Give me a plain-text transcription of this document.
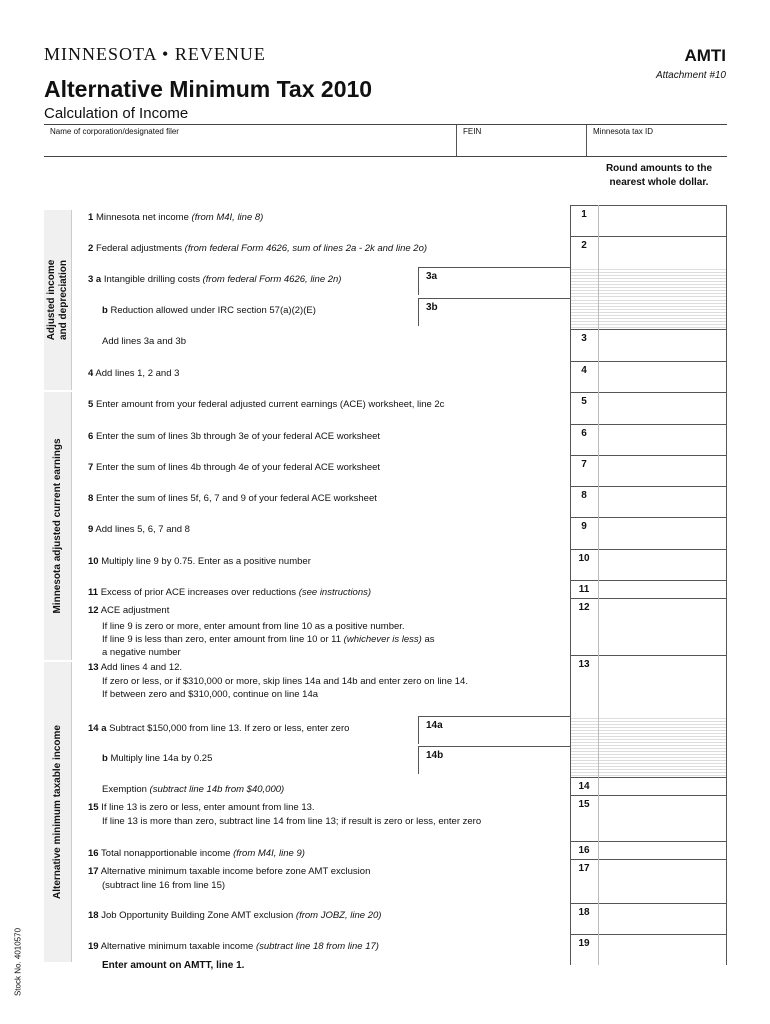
MINNESOTA • REVENUE	AMTI
Attachment #10
Alternative Minimum Tax 2010
Calculation of Income
Name of corporation/designated filer	FEIN	Minnesota tax ID
Round amounts to the
nearest whole dollar.
Adjusted income and depreciation
Minnesota adjusted current earnings
Alternative minimum taxable income
Stock No. 4010570
1 Minnesota net income (from M4I, line 8)	1
2 Federal adjustments (from federal Form 4626, sum of lines 2a - 2k and line 2o)	2
3 a Intangible drilling costs (from federal Form 4626, line 2n)	3a
b Reduction allowed under IRC section 57(a)(2)(E)	3b
Add lines 3a and 3b	3
4 Add lines 1, 2 and 3	4
5 Enter amount from your federal adjusted current earnings (ACE) worksheet, line 2c	5
6 Enter the sum of lines 3b through 3e of your federal ACE worksheet	6
7 Enter the sum of lines 4b through 4e of your federal ACE worksheet	7
8 Enter the sum of lines 5f, 6, 7 and 9 of your federal ACE worksheet	8
9 Add lines 5, 6, 7 and 8	9
10 Multiply line 9 by 0.75. Enter as a positive number	10
11 Excess of prior ACE increases over reductions (see instructions)	11
12 ACE adjustment	12
13 Add lines 4 and 12.	13
14 a Subtract $150,000 from line 13. If zero or less, enter zero	14a
b Multiply line 14a by 0.25	14b
Exemption (subtract line 14b from $40,000)	14
15 If line 13 is zero or less, enter amount from line 13.	15
16 Total nonapportionable income (from M4I, line 9)	16
17 Alternative minimum taxable income before zone AMT exclusion	17
18 Job Opportunity Building Zone AMT exclusion (from JOBZ, line 20)	18
19 Alternative minimum taxable income (subtract line 18 from line 17)	19
If line 9 is zero or more, enter amount from line 10 as a positive number.
If line 9 is less than zero, enter amount from line 10 or 11 (whichever is less) as
a negative number
If zero or less, or if $310,000 or more, skip lines 14a and 14b and enter zero on line 14.
If between zero and $310,000, continue on line 14a
If line 13 is more than zero, subtract line 14 from line 13; if result is zero or less, enter zero
(subtract line 16 from line 15)
Enter amount on AMTT, line 1.
